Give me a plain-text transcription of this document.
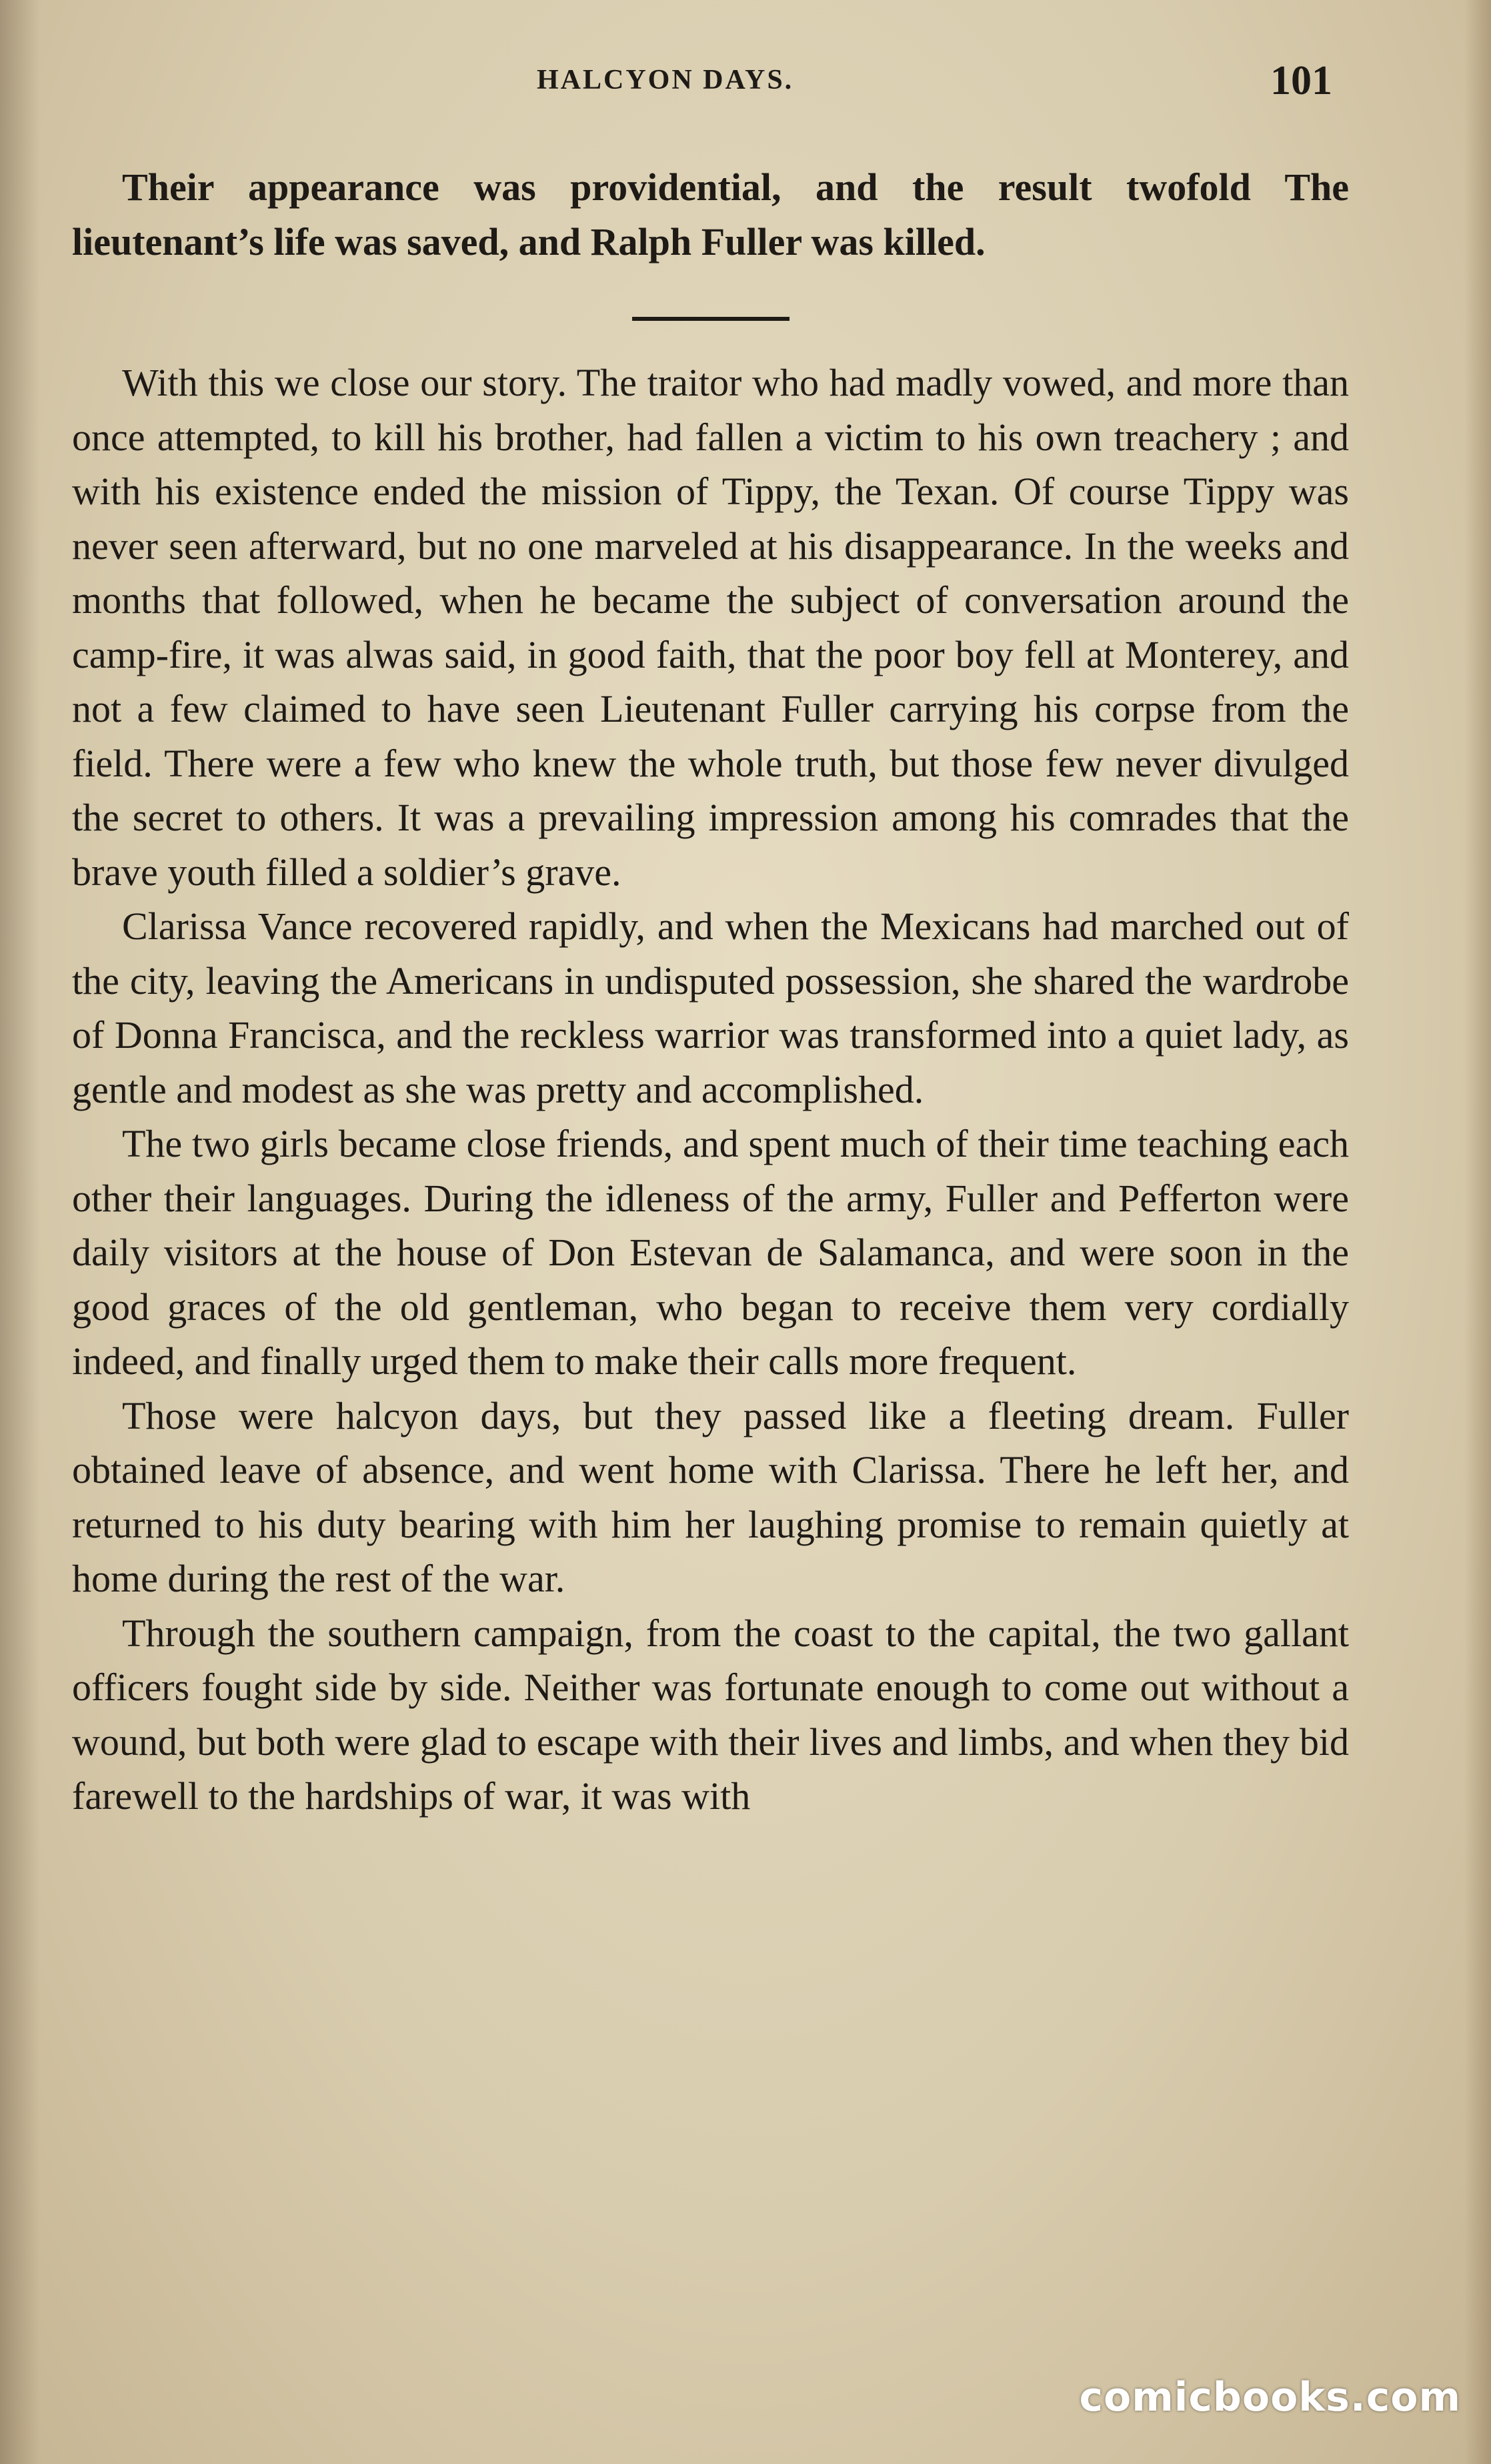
HALCYON DAYS.	101

Their appearance was providential, and the result twofold The lieutenant’s life was saved, and Ralph Fuller was killed.

With this we close our story. The traitor who had madly vowed, and more than once attempted, to kill his brother, had fallen a victim to his own treachery ; and with his existence ended the mission of Tippy, the Texan. Of course Tippy was never seen afterward, but no one marveled at his disappearance. In the weeks and months that followed, when he became the subject of conversation around the camp-fire, it was alwas said, in good faith, that the poor boy fell at Monterey, and not a few claimed to have seen Lieutenant Fuller carrying his corpse from the field. There were a few who knew the whole truth, but those few never divulged the secret to others. It was a prevailing impression among his comrades that the brave youth filled a soldier’s grave.

Clarissa Vance recovered rapidly, and when the Mexicans had marched out of the city, leaving the Americans in undisputed possession, she shared the wardrobe of Donna Francisca, and the reckless warrior was transformed into a quiet lady, as gentle and modest as she was pretty and accomplished.

The two girls became close friends, and spent much of their time teaching each other their languages. During the idleness of the army, Fuller and Pefferton were daily visitors at the house of Don Estevan de Salamanca, and were soon in the good graces of the old gentleman, who began to receive them very cordially indeed, and finally urged them to make their calls more frequent.

Those were halcyon days, but they passed like a fleeting dream. Fuller obtained leave of absence, and went home with Clarissa. There he left her, and returned to his duty bearing with him her laughing promise to remain quietly at home during the rest of the war.

Through the southern campaign, from the coast to the capital, the two gallant officers fought side by side. Neither was fortunate enough to come out without a wound, but both were glad to escape with their lives and limbs, and when they bid farewell to the hardships of war, it was with

comicbooks.com
